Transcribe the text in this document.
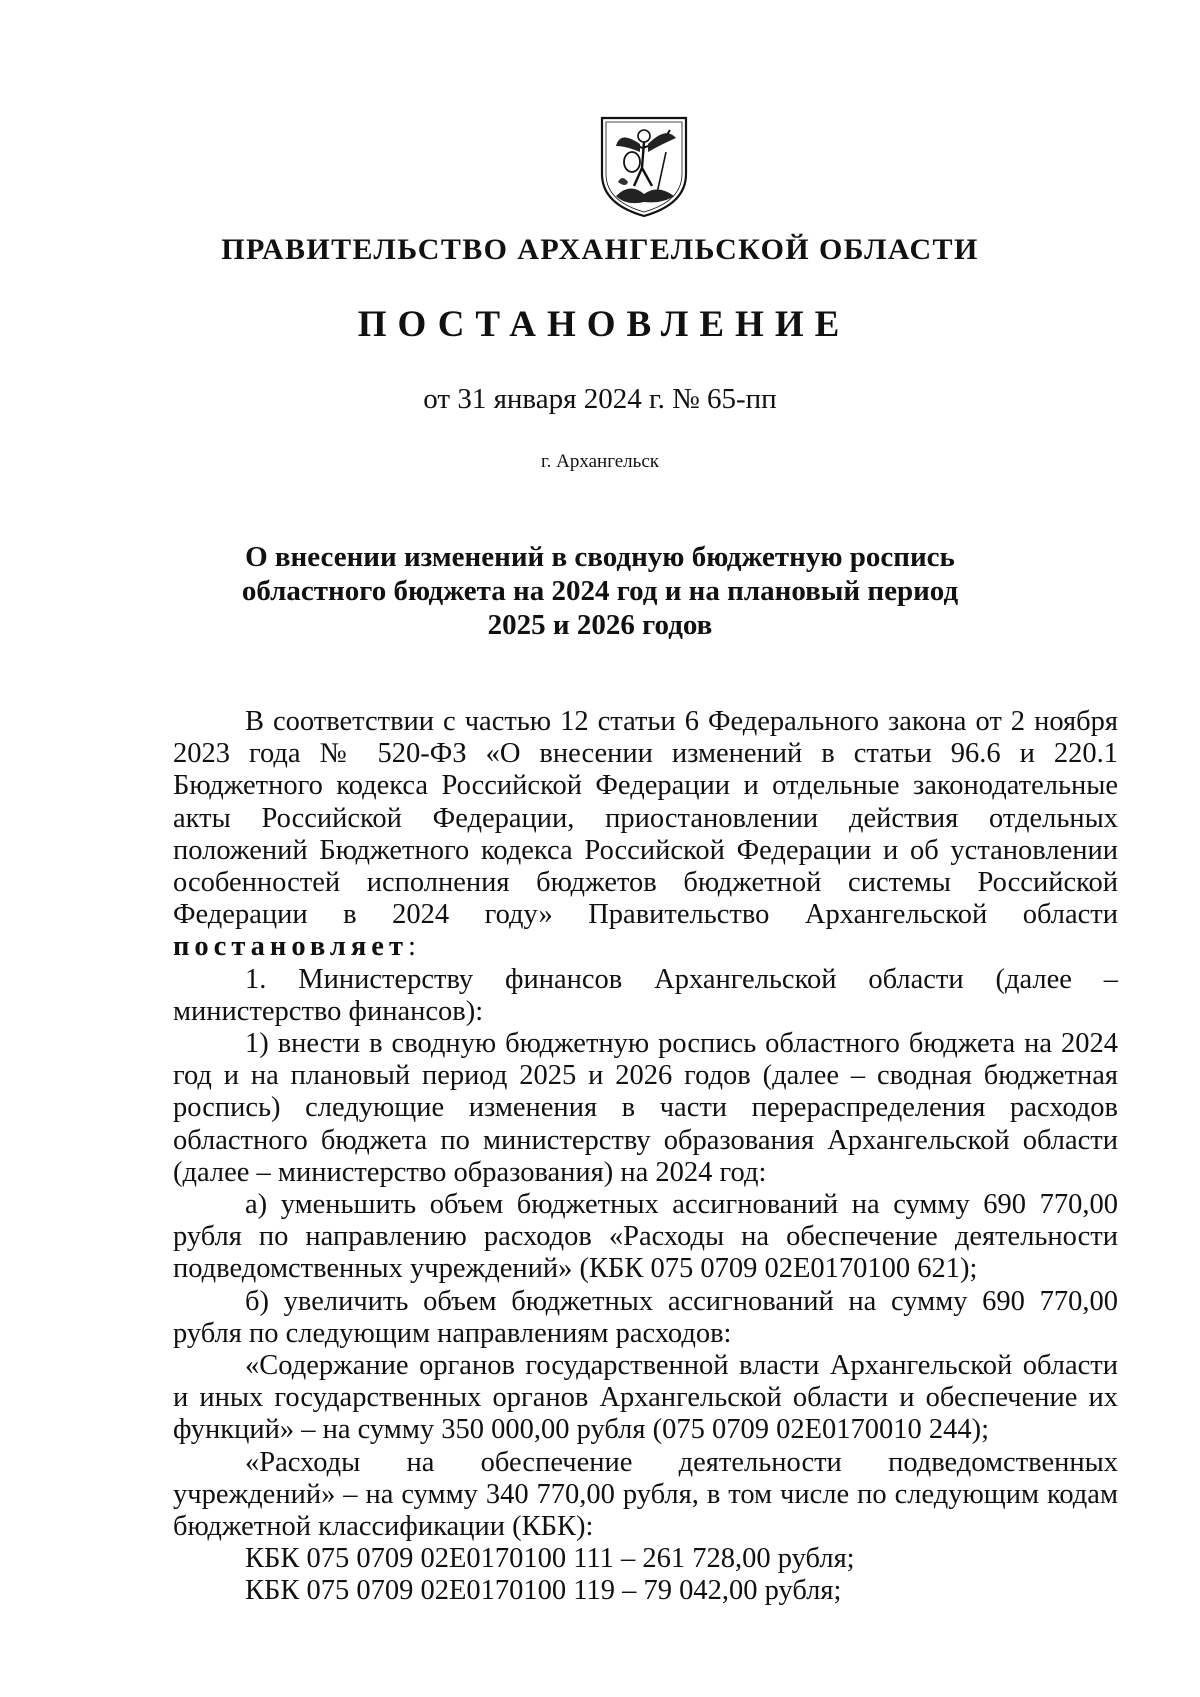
ПРАВИТЕЛЬСТВО АРХАНГЕЛЬСКОЙ ОБЛАСТИ
ПОСТАНОВЛЕНИЕ
от 31 января 2024 г. № 65-пп
г. Архангельск
О внесении изменений в сводную бюджетную роспись
областного бюджета на 2024 год и на плановый период
2025 и 2026 годов

В соответствии с частью 12 статьи 6 Федерального закона от 2 ноября 2023 года № 520-ФЗ «О внесении изменений в статьи 96.6 и 220.1 Бюджетного кодекса Российской Федерации и отдельные законодательные акты Российской Федерации, приостановлении действия отдельных положений Бюджетного кодекса Российской Федерации и об установлении особенностей исполнения бюджетов бюджетной системы Российской Федерации в 2024 году» Правительство Архангельской области постановляет:

1. Министерству финансов Архангельской области (далее – министерство финансов):

1) внести в сводную бюджетную роспись областного бюджета на 2024 год и на плановый период 2025 и 2026 годов (далее – сводная бюджетная роспись) следующие изменения в части перераспределения расходов областного бюджета по министерству образования Архангельской области (далее – министерство образования) на 2024 год:

а) уменьшить объем бюджетных ассигнований на сумму 690 770,00 рубля по направлению расходов «Расходы на обеспечение деятельности подведомственных учреждений» (КБК 075 0709 02Е0170100 621);

б) увеличить объем бюджетных ассигнований на сумму 690 770,00 рубля по следующим направлениям расходов:

«Содержание органов государственной власти Архангельской области и иных государственных органов Архангельской области и обеспечение их функций» – на сумму 350 000,00 рубля (075 0709 02Е0170010 244);

«Расходы на обеспечение деятельности подведомственных учреждений» – на сумму 340 770,00 рубля, в том числе по следующим кодам бюджетной классификации (КБК):

КБК 075 0709 02Е0170100 111 – 261 728,00 рубля;

КБК 075 0709 02Е0170100 119 – 79 042,00 рубля;
